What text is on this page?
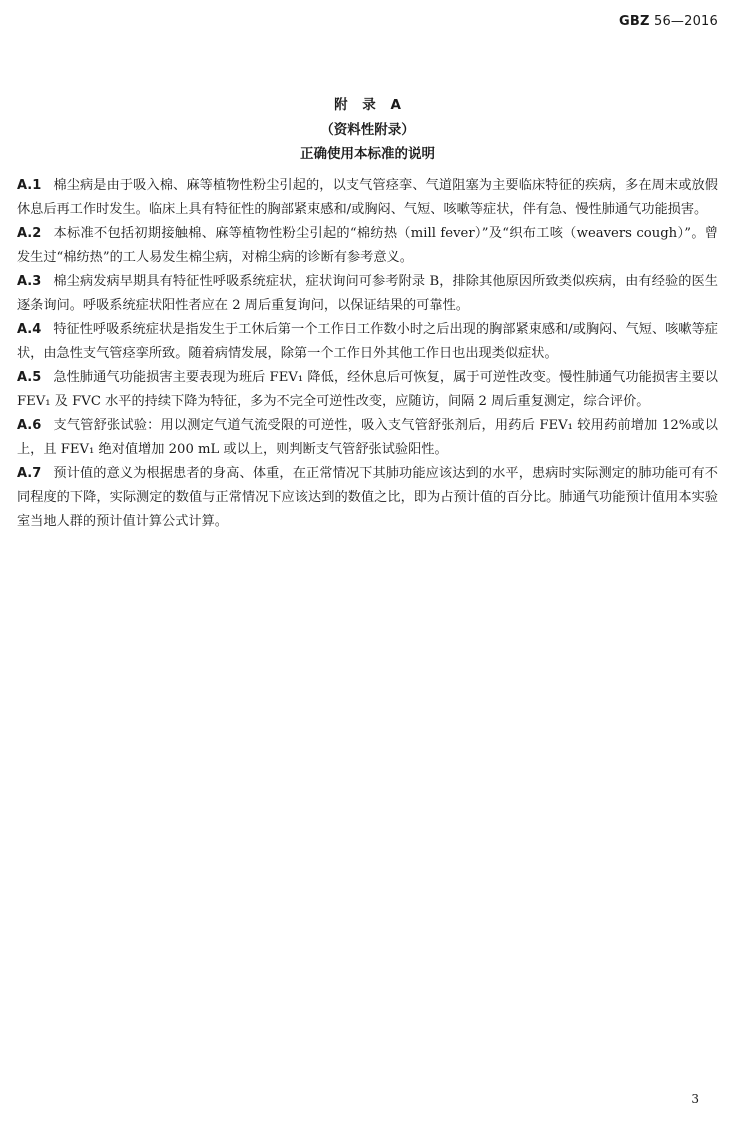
GBZ 56—2016
附 录 A
（资料性附录）
正确使用本标准的说明

A.1 棉尘病是由于吸入棉、麻等植物性粉尘引起的，以支气管痉挛、气道阻塞为主要临床特征的疾病，多在周末或放假休息后再工作时发生。临床上具有特征性的胸部紧束感和/或胸闷、气短、咳嗽等症状，伴有急、慢性肺通气功能损害。

A.2 本标准不包括初期接触棉、麻等植物性粉尘引起的“棉纺热（mill fever）”及“织布工咳（weavers cough）”。曾发生过“棉纺热”的工人易发生棉尘病，对棉尘病的诊断有参考意义。

A.3 棉尘病发病早期具有特征性呼吸系统症状，症状询问可参考附录 B，排除其他原因所致类似疾病，由有经验的医生逐条询问。呼吸系统症状阳性者应在 2 周后重复询问，以保证结果的可靠性。

A.4 特征性呼吸系统症状是指发生于工休后第一个工作日工作数小时之后出现的胸部紧束感和/或胸闷、气短、咳嗽等症状，由急性支气管痉挛所致。随着病情发展，除第一个工作日外其他工作日也出现类似症状。

A.5 急性肺通气功能损害主要表现为班后 FEV₁ 降低，经休息后可恢复，属于可逆性改变。慢性肺通气功能损害主要以 FEV₁ 及 FVC 水平的持续下降为特征，多为不完全可逆性改变，应随访，间隔 2 周后重复测定，综合评价。

A.6 支气管舒张试验：用以测定气道气流受限的可逆性，吸入支气管舒张剂后，用药后 FEV₁ 较用药前增加 12%或以上，且 FEV₁ 绝对值增加 200 mL 或以上，则判断支气管舒张试验阳性。

A.7 预计值的意义为根据患者的身高、体重，在正常情况下其肺功能应该达到的水平，患病时实际测定的肺功能可有不同程度的下降，实际测定的数值与正常情况下应该达到的数值之比，即为占预计值的百分比。肺通气功能预计值用本实验室当地人群的预计值计算公式计算。

3
